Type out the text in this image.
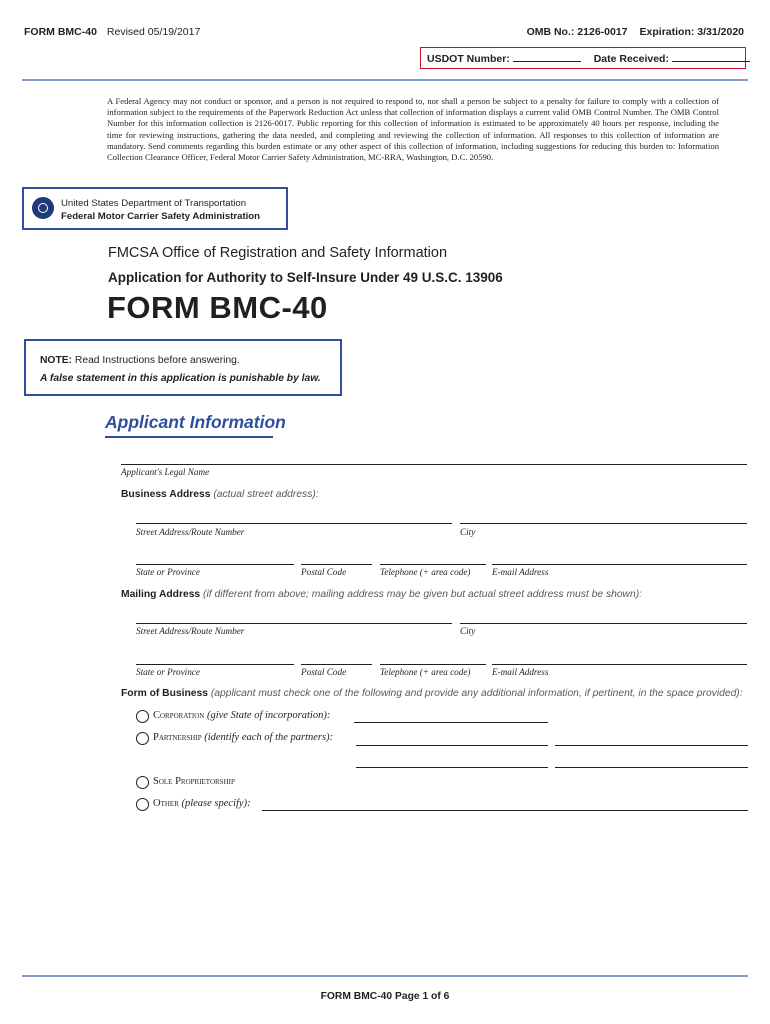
FORM BMC-40 Revised 05/19/2017	OMB No.: 2126-0017 Expiration: 3/31/2020
USDOT Number:	Date Received:
A Federal Agency may not conduct or sponsor, and a person is not required to respond to, nor shall a person be subject to a penalty for failure to comply with a collection of information subject to the requirements of the Paperwork Reduction Act unless that collection of information displays a current valid OMB Control Number. The OMB Control Number for this information collection is 2126-0017. Public reporting for this collection of information is estimated to be approximately 40 hours per response, including the time for reviewing instructions, gathering the data needed, and completing and reviewing the collection of information. All responses to this collection of information are mandatory. Send comments regarding this burden estimate or any other aspect of this collection of information, including suggestions for reducing this burden to: Information Collection Clearance Officer, Federal Motor Carrier Safety Administration, MC-RRA, Washington, D.C. 20590.
United States Department of Transportation
Federal Motor Carrier Safety Administration
FMCSA Office of Registration and Safety Information
Application for Authority to Self-Insure Under 49 U.S.C. 13906
FORM BMC-40
NOTE: Read Instructions before answering.
A false statement in this application is punishable by law.
Applicant Information
Applicant's Legal Name
Business Address (actual street address):
Street Address/Route Number	City
State or Province	Postal Code	Telephone (+ area code) E-mail Address
Mailing Address (if different from above; mailing address may be given but actual street address must be shown):
Street Address/Route Number	City
State or Province	Postal Code	Telephone (+ area code) E-mail Address
Form of Business (applicant must check one of the following and provide any additional information, if pertinent, in the space provided):
Corporation (give State of incorporation):
Partnership (identify each of the partners):
Sole Proprietorship
Other (please specify):
FORM BMC-40 Page 1 of 6
